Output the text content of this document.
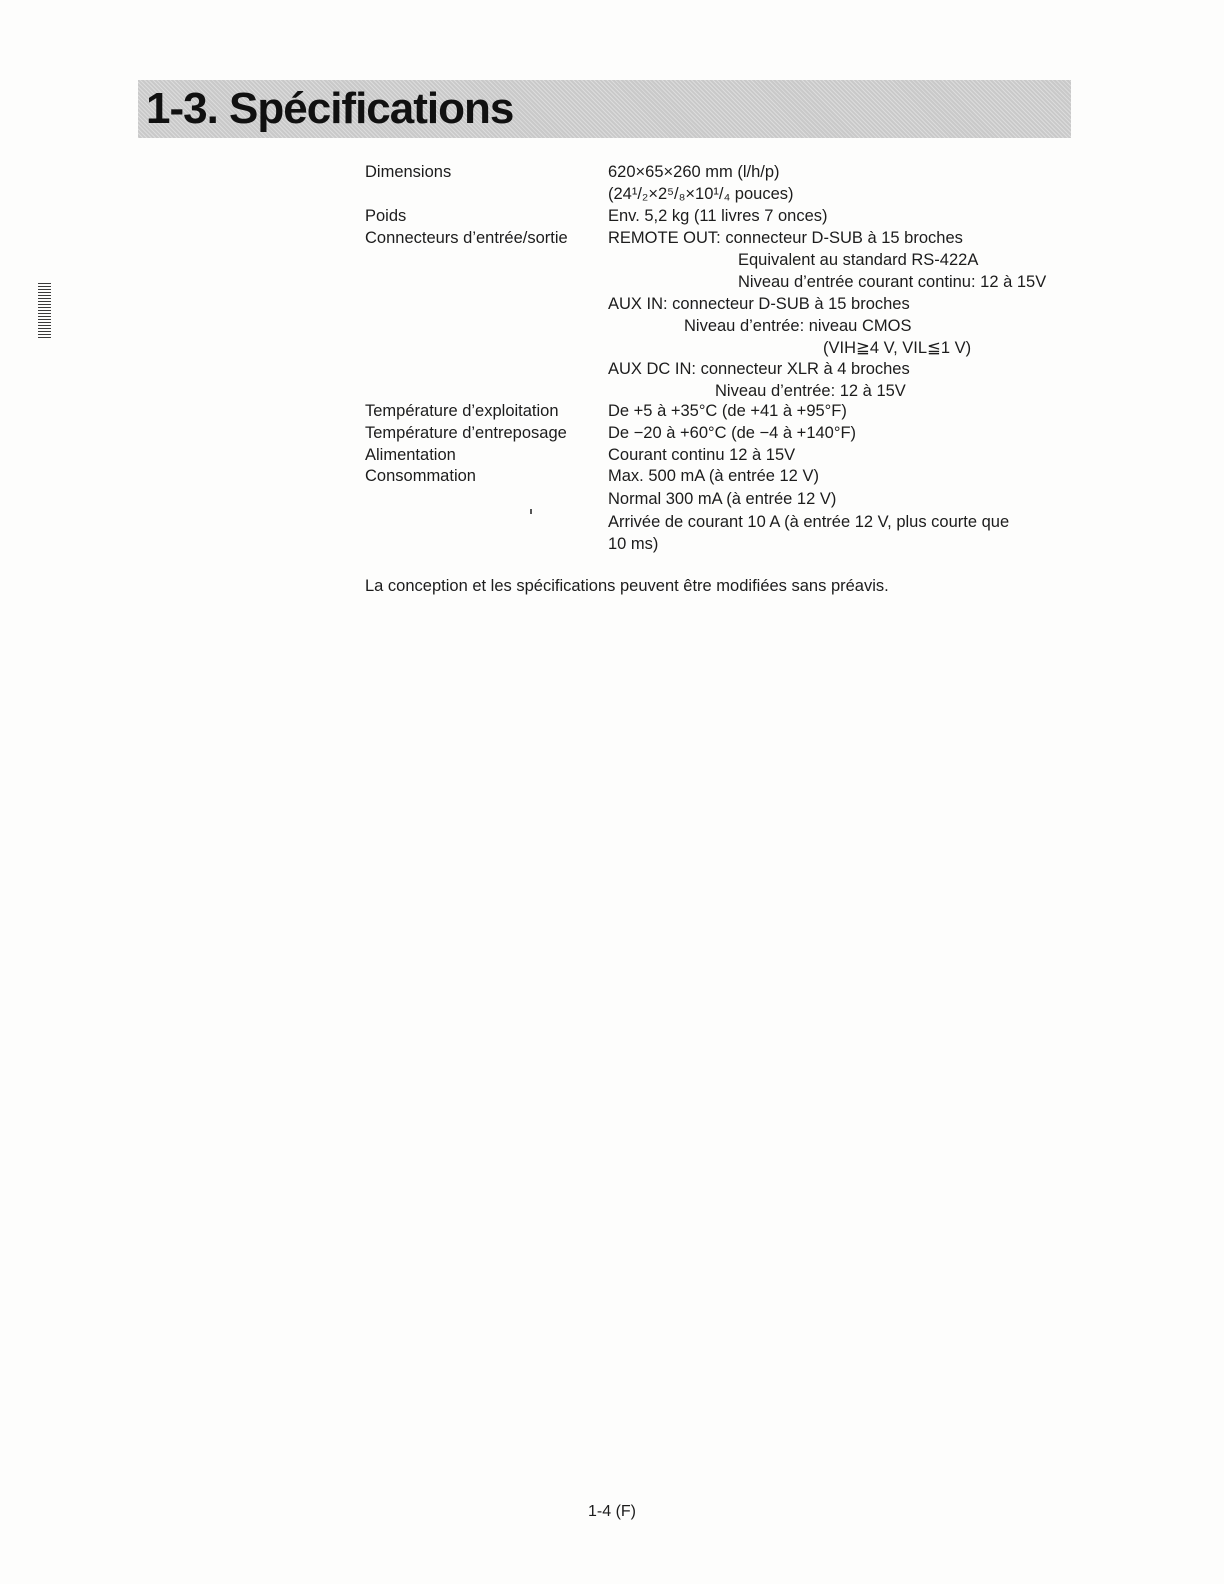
1-3. Spécifications
Dimensions
Poids
Connecteurs d’entrée/sortie
Température d’exploitation
Température d’entreposage
Alimentation
Consommation
620×65×260 mm (l/h/p)
(24¹/₂×2⁵/₈×10¹/₄ pouces)
Env. 5,2 kg (11 livres 7 onces)
REMOTE OUT: connecteur D-SUB à 15 broches
Equivalent au standard RS-422A
Niveau d’entrée courant continu: 12 à 15V
AUX IN: connecteur D-SUB à 15 broches
Niveau d’entrée: niveau CMOS
(VIH≧4 V, VIL≦1 V)
AUX DC IN: connecteur XLR à 4 broches
Niveau d’entrée: 12 à 15V
De +5 à +35°C (de +41 à +95°F)
De −20 à +60°C (de −4 à +140°F)
Courant continu 12 à 15V
Max. 500 mA (à entrée 12 V)
Normal 300 mA (à entrée 12 V)
Arrivée de courant 10 A (à entrée 12 V, plus courte que
10 ms)
La conception et les spécifications peuvent être modifiées sans préavis.
1-4 (F)
